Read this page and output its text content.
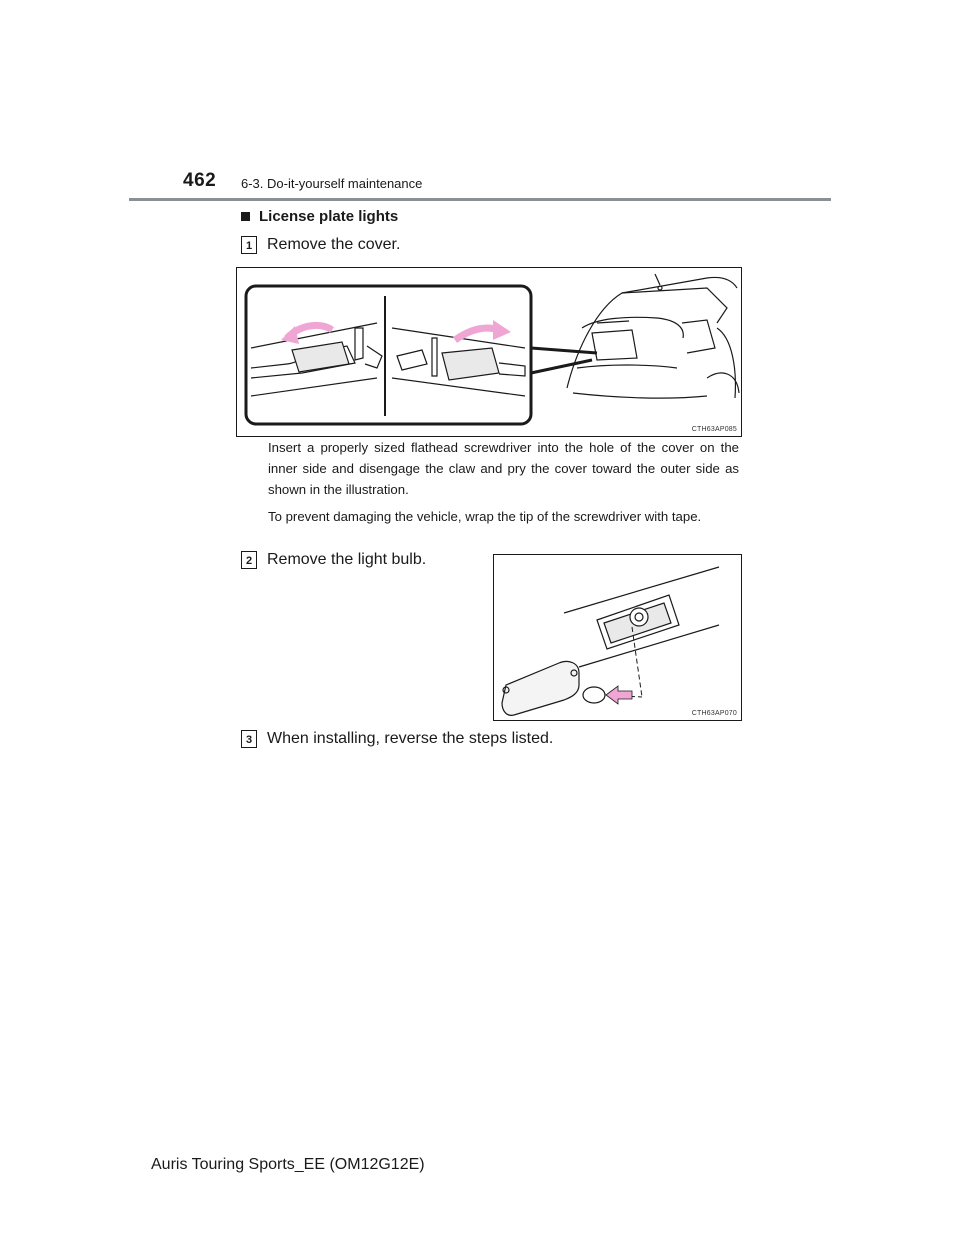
462 6-3. Do-it-yourself maintenance
License plate lights
1 Remove the cover.
CTH63AP085
Insert a properly sized flathead screwdriver into the hole of the cover on the inner side and disengage the claw and pry the cover toward the outer side as shown in the illustration.
To prevent damaging the vehicle, wrap the tip of the screwdriver with tape.
2 Remove the light bulb.
CTH63AP070
3 When installing, reverse the steps listed.
Auris Touring Sports_EE (OM12G12E)
